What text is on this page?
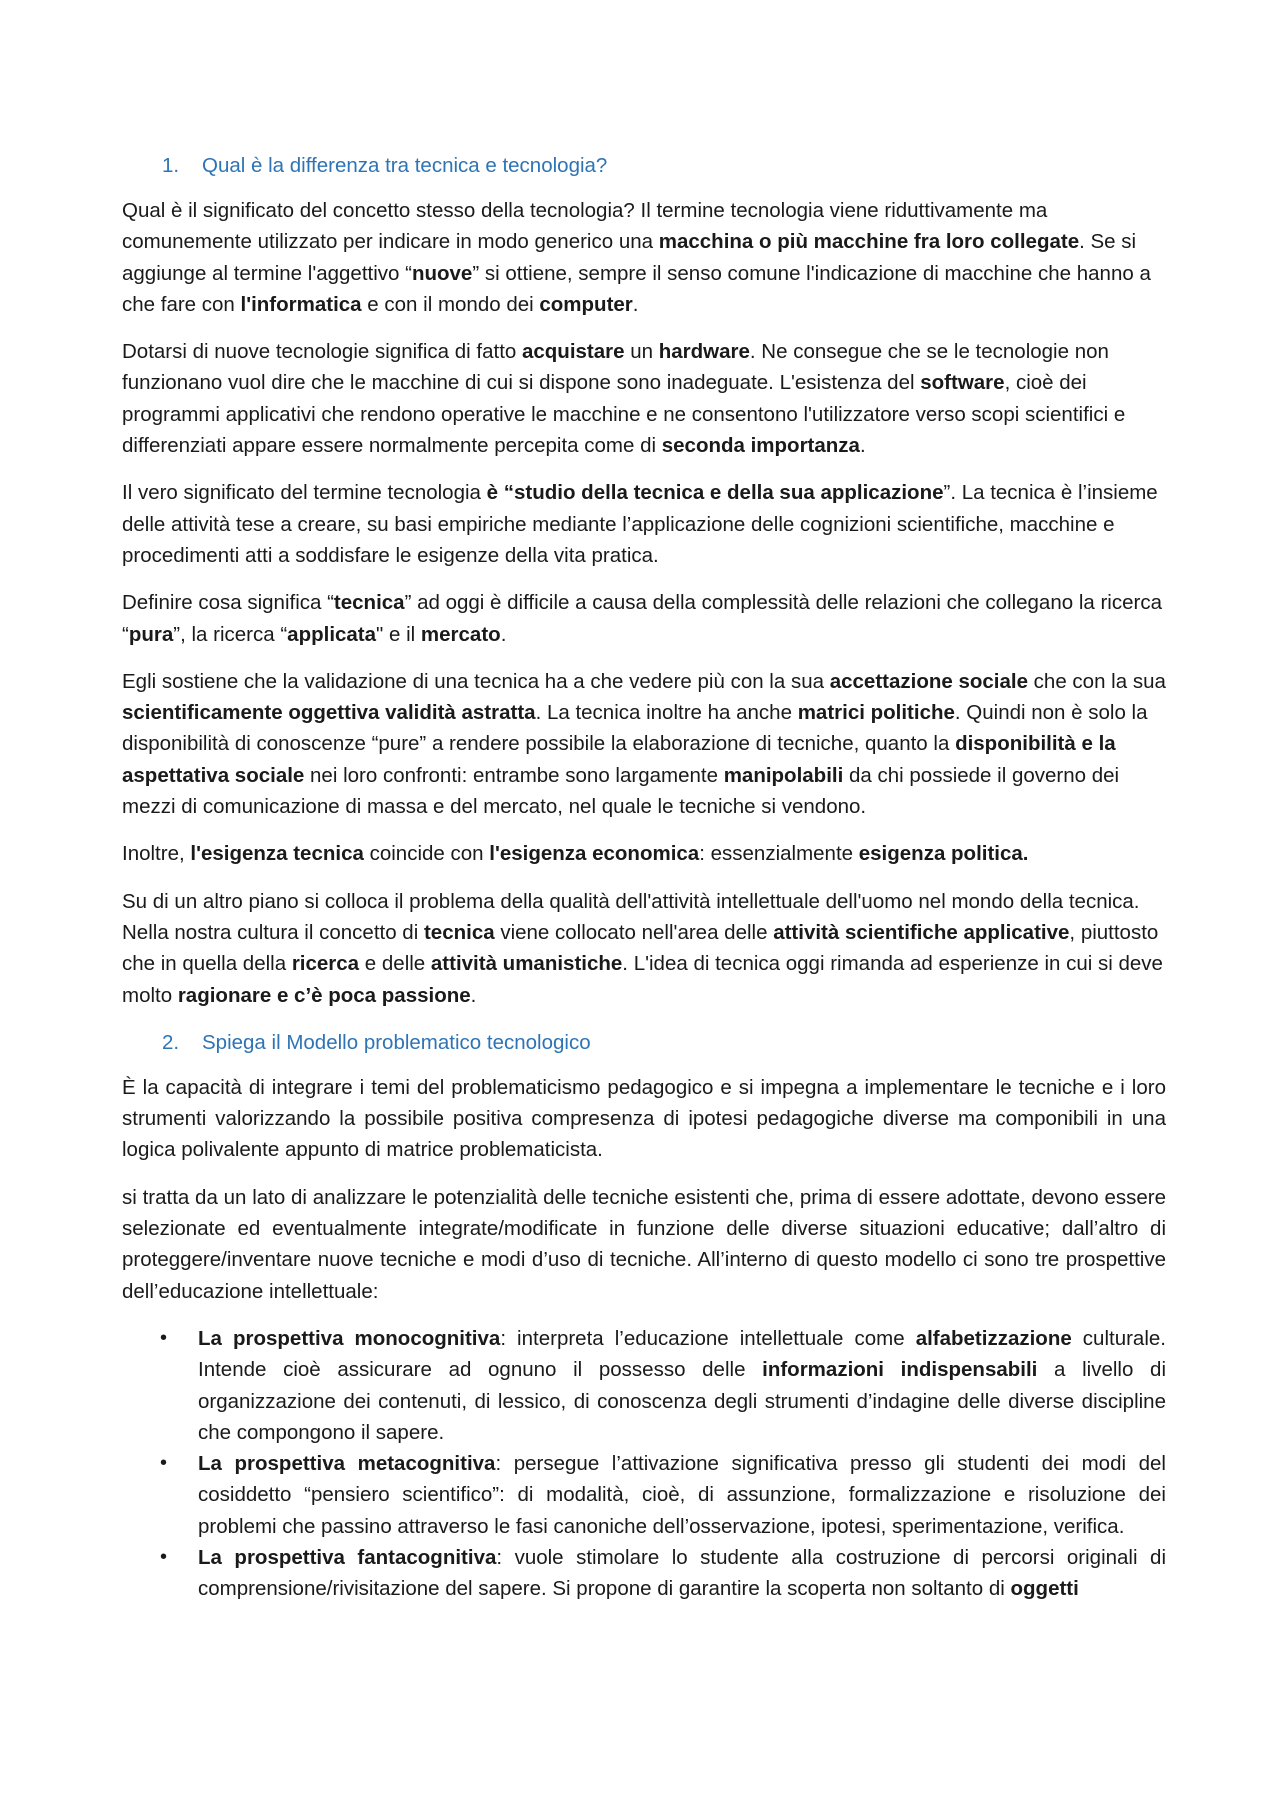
1.	Qual è la differenza tra tecnica e tecnologia?
Qual è il significato del concetto stesso della tecnologia? Il termine tecnologia viene riduttivamente ma comunemente utilizzato per indicare in modo generico una macchina o più macchine fra loro collegate. Se si aggiunge al termine l'aggettivo “nuove” si ottiene, sempre il senso comune l'indicazione di macchine che hanno a che fare con l'informatica e con il mondo dei computer.
Dotarsi di nuove tecnologie significa di fatto acquistare un hardware. Ne consegue che se le tecnologie non funzionano vuol dire che le macchine di cui si dispone sono inadeguate. L'esistenza del software, cioè dei programmi applicativi che rendono operative le macchine e ne consentono l'utilizzatore verso scopi scientifici e differenziati appare essere normalmente percepita come di seconda importanza.
Il vero significato del termine tecnologia è “studio della tecnica e della sua applicazione”. La tecnica è l’insieme delle attività tese a creare, su basi empiriche mediante l’applicazione delle cognizioni scientifiche, macchine e procedimenti atti a soddisfare le esigenze della vita pratica.
Definire cosa significa “tecnica” ad oggi è difficile a causa della complessità delle relazioni che collegano la ricerca “pura”, la ricerca “applicata" e il mercato.
Egli sostiene che la validazione di una tecnica ha a che vedere più con la sua accettazione sociale che con la sua scientificamente oggettiva validità astratta. La tecnica inoltre ha anche matrici politiche. Quindi non è solo la disponibilità di conoscenze “pure” a rendere possibile la elaborazione di tecniche, quanto la disponibilità e la aspettativa sociale nei loro confronti: entrambe sono largamente manipolabili da chi possiede il governo dei mezzi di comunicazione di massa e del mercato, nel quale le tecniche si vendono.
Inoltre, l'esigenza tecnica coincide con l'esigenza economica: essenzialmente esigenza politica.
Su di un altro piano si colloca il problema della qualità dell'attività intellettuale dell'uomo nel mondo della tecnica. Nella nostra cultura il concetto di tecnica viene collocato nell'area delle attività scientifiche applicative, piuttosto che in quella della ricerca e delle attività umanistiche. L'idea di tecnica oggi rimanda ad esperienze in cui si deve molto ragionare e c’è poca passione.
2.	Spiega il Modello problematico tecnologico
È la capacità di integrare i temi del problematicismo pedagogico e si impegna a implementare le tecniche e i loro strumenti valorizzando la possibile positiva compresenza di ipotesi pedagogiche diverse ma componibili in una logica polivalente appunto di matrice problematicista.
si tratta da un lato di analizzare le potenzialità delle tecniche esistenti che, prima di essere adottate, devono essere selezionate ed eventualmente integrate/modificate in funzione delle diverse situazioni educative; dall’altro di proteggere/inventare nuove tecniche e modi d’uso di tecniche. All’interno di questo modello ci sono tre prospettive dell’educazione intellettuale:
• La prospettiva monocognitiva: interpreta l’educazione intellettuale come alfabetizzazione culturale. Intende cioè assicurare ad ognuno il possesso delle informazioni indispensabili a livello di organizzazione dei contenuti, di lessico, di conoscenza degli strumenti d’indagine delle diverse discipline che compongono il sapere.
• La prospettiva metacognitiva: persegue l’attivazione significativa presso gli studenti dei modi del cosiddetto “pensiero scientifico”: di modalità, cioè, di assunzione, formalizzazione e risoluzione dei problemi che passino attraverso le fasi canoniche dell’osservazione, ipotesi, sperimentazione, verifica.
• La prospettiva fantacognitiva: vuole stimolare lo studente alla costruzione di percorsi originali di comprensione/rivisitazione del sapere. Si propone di garantire la scoperta non soltanto di oggetti
